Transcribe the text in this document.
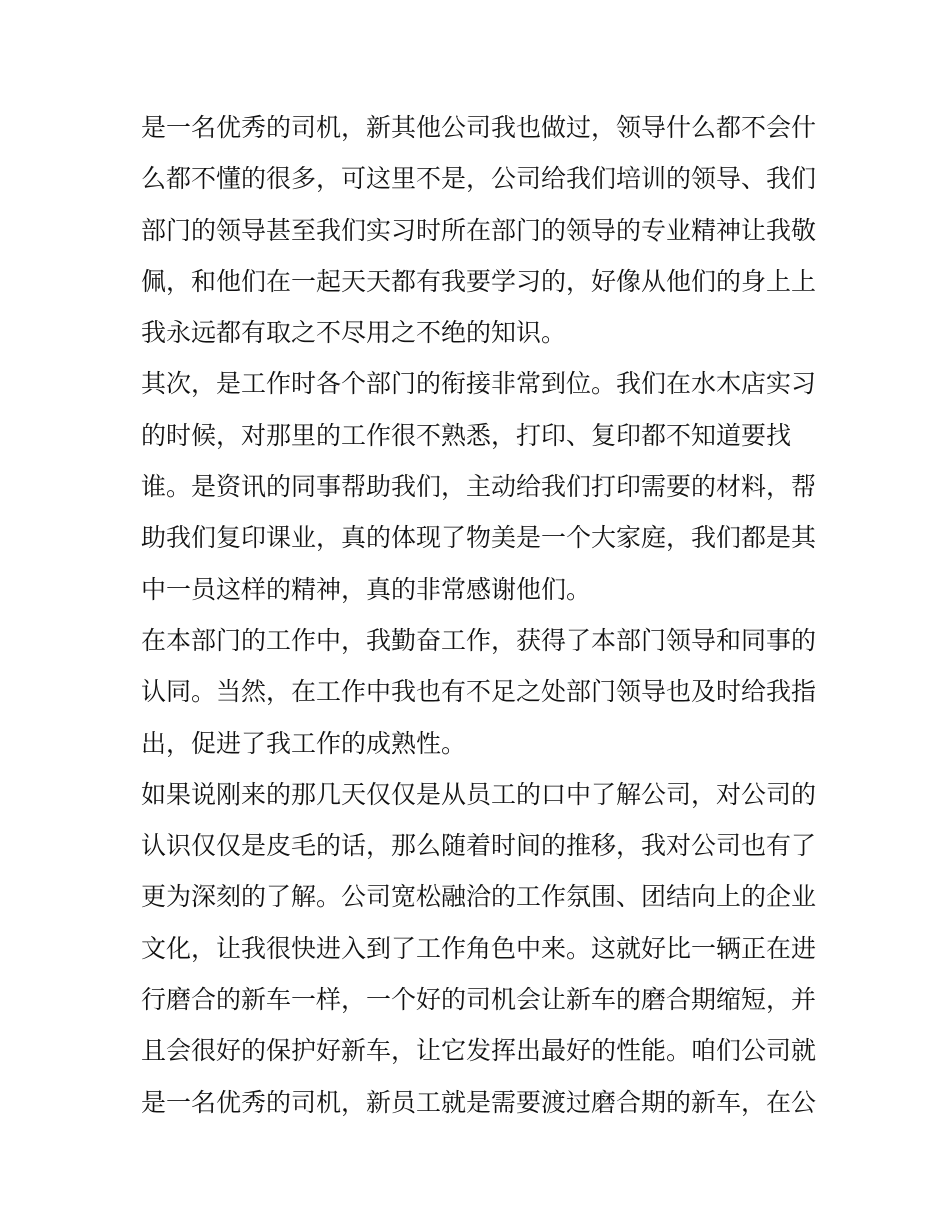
是一名优秀的司机，新其他公司我也做过，领导什么都不会什
么都不懂的很多，可这里不是，公司给我们培训的领导、我们
部门的领导甚至我们实习时所在部门的领导的专业精神让我敬
佩，和他们在一起天天都有我要学习的，好像从他们的身上上
我永远都有取之不尽用之不绝的知识。
其次，是工作时各个部门的衔接非常到位。我们在水木店实习
的时候，对那里的工作很不熟悉，打印、复印都不知道要找
谁。是资讯的同事帮助我们，主动给我们打印需要的材料，帮
助我们复印课业，真的体现了物美是一个大家庭，我们都是其
中一员这样的精神，真的非常感谢他们。
在本部门的工作中，我勤奋工作，获得了本部门领导和同事的
认同。当然，在工作中我也有不足之处部门领导也及时给我指
出，促进了我工作的成熟性。
如果说刚来的那几天仅仅是从员工的口中了解公司，对公司的
认识仅仅是皮毛的话，那么随着时间的推移，我对公司也有了
更为深刻的了解。公司宽松融洽的工作氛围、团结向上的企业
文化，让我很快进入到了工作角色中来。这就好比一辆正在进
行磨合的新车一样，一个好的司机会让新车的磨合期缩短，并
且会很好的保护好新车，让它发挥出最好的性能。咱们公司就
是一名优秀的司机，新员工就是需要渡过磨合期的新车，在公
